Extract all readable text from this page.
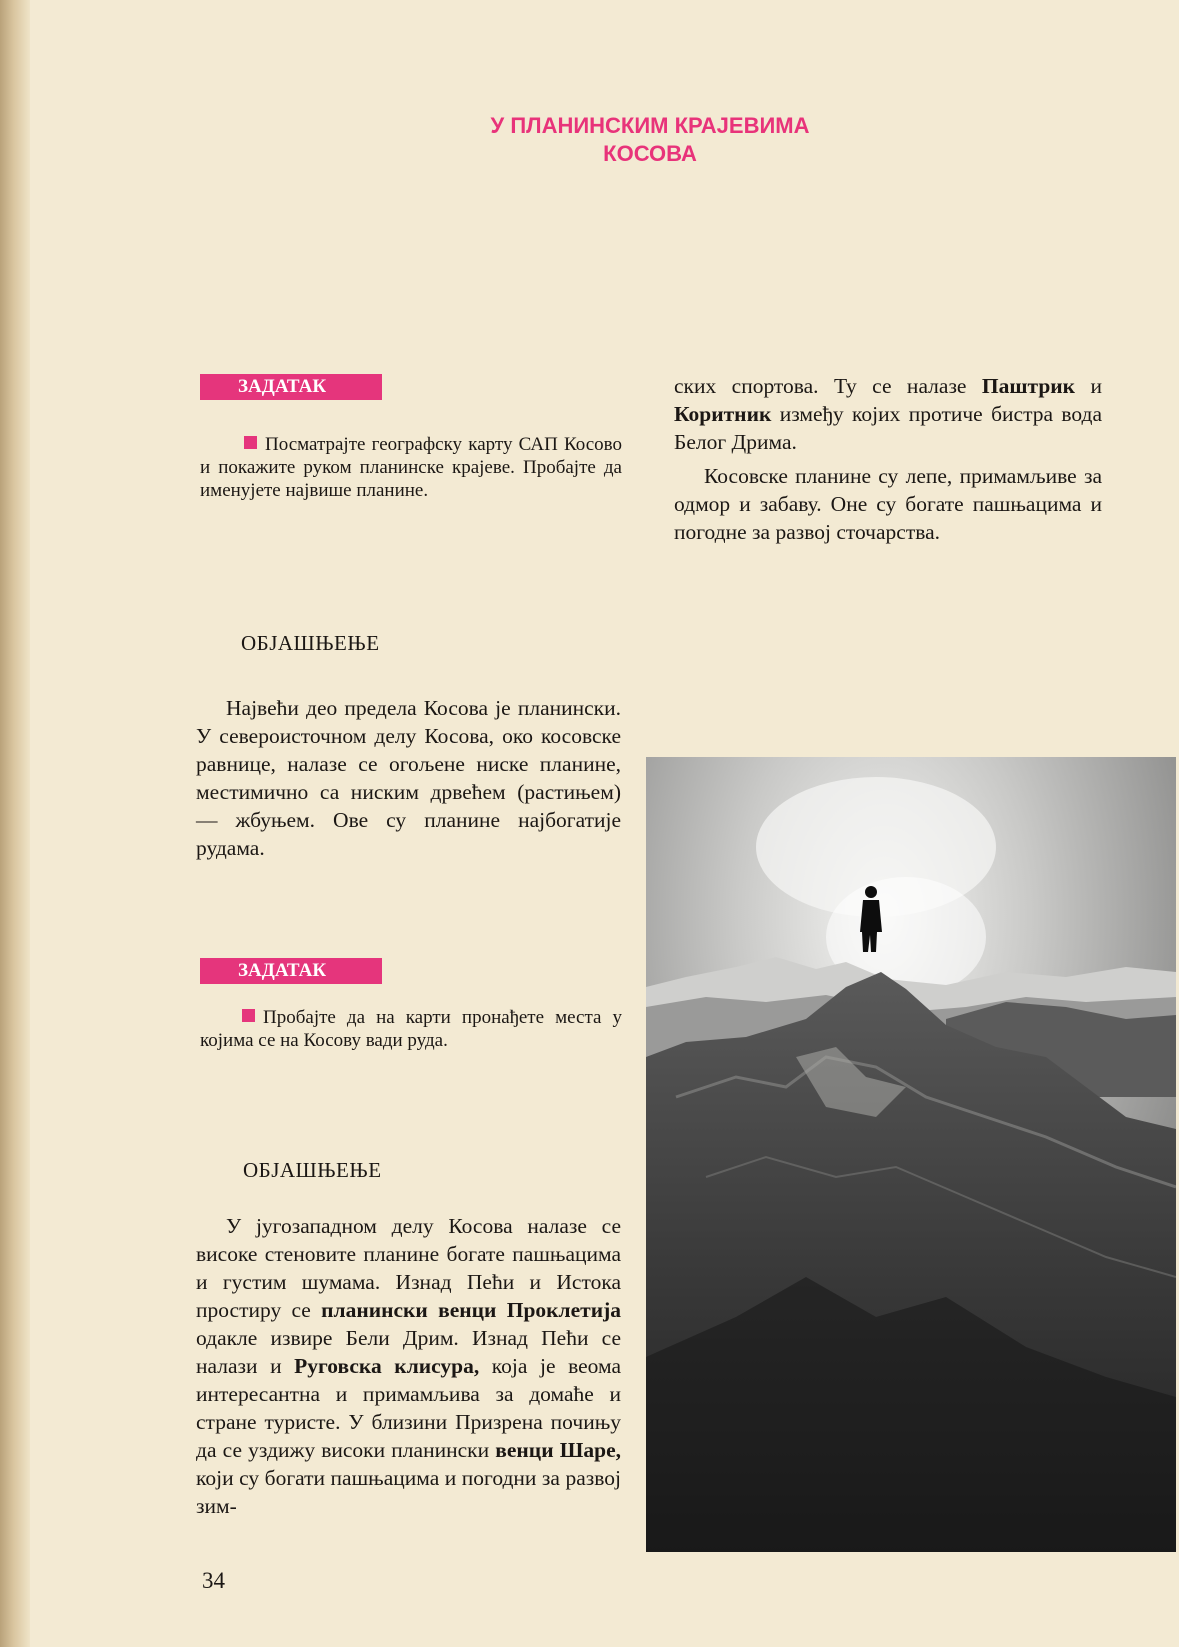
У ПЛАНИНСКИМ КРАЈЕВИМА
КОСОВА
ЗАДАТАК
Посматрајте географску карту САП Косово и покажите руком планинске крајеве. Пробајте да именујете највише планине.
ОБЈАШЊЕЊЕ

Највећи део предела Косова је планински. У североисточном делу Косова, око косовске равнице, налазе се огољене ниске планине, местимично са ниским дрвећем (растињем) — жбуњем. Ове су планине најбогатије рудама.

ЗАДАТАК
Пробајте да на карти пронађете места у којима се на Косову вади руда.
ОБЈАШЊЕЊЕ

У југозападном делу Косова налазе се високе стеновите планине богате пашњацима и густим шумама. Изнад Пећи и Истока простиру се планински венци Проклетија одакле извире Бели Дрим. Изнад Пећи се налази и Руговска клисура, која је веома интересантна и примамљива за домаће и стране туристе. У близини Призрена почињу да се уздижу високи планински венци Шаре, који су богати пашњацима и погодни за развој зим-

ских спортова. Ту се налазе Паштрик и Коритник између којих протиче бистра вода Белог Дрима.

Косовске планине су лепе, примамљиве за одмор и забаву. Оне су богате пашњацима и погодне за развој сточарства.

34
